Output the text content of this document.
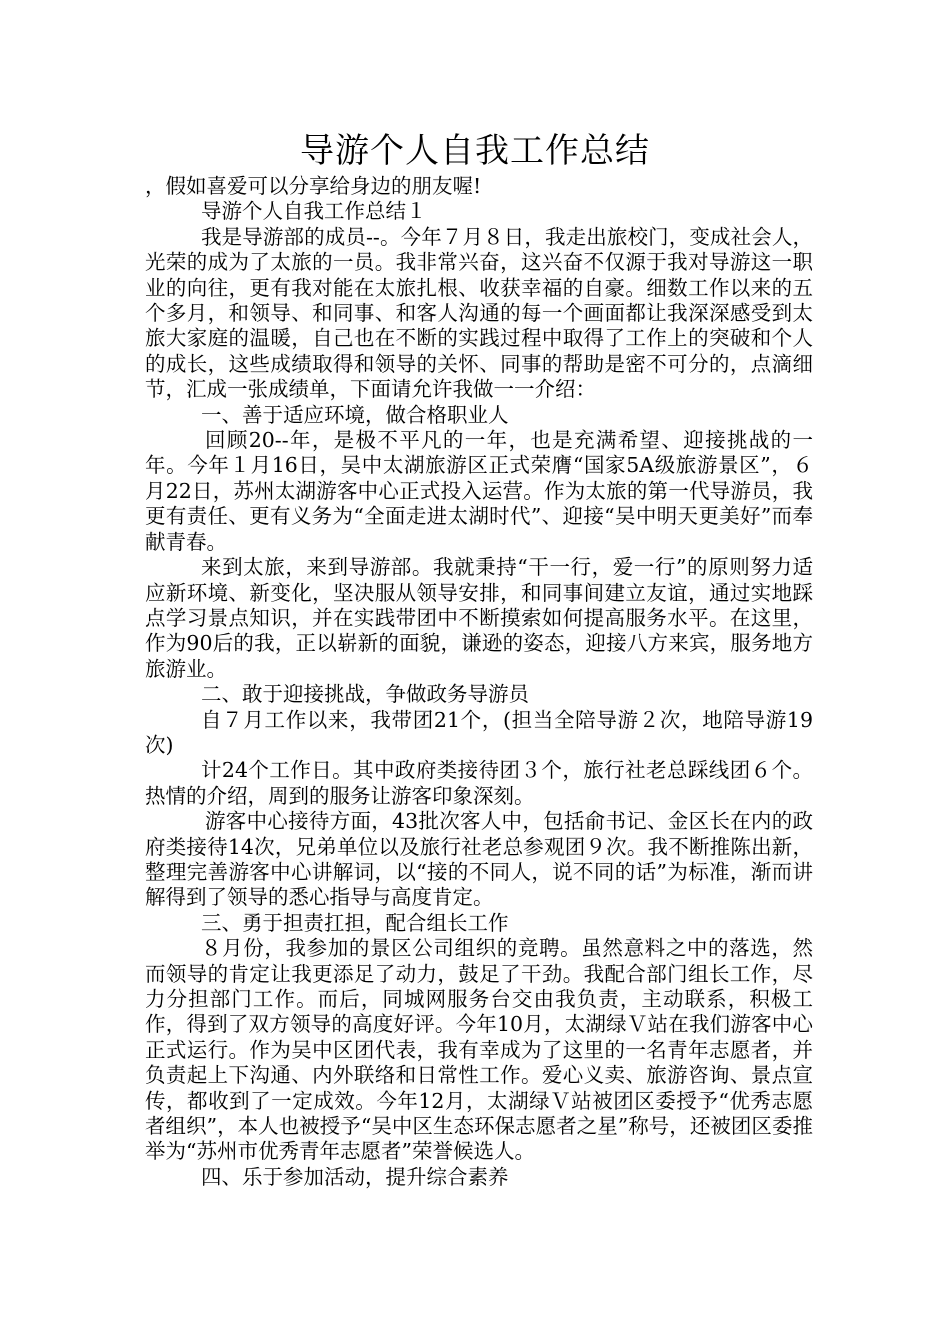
导游个人自我工作总结

，假如喜爱可以分享给身边的朋友喔!

导游个人自我工作总结１

我是导游部的成员--。今年７月８日，我走出旅校门，变成社会人，光荣的成为了太旅的一员。我非常兴奋，这兴奋不仅源于我对导游这一职业的向往，更有我对能在太旅扎根、收获幸福的自豪。细数工作以来的五个多月，和领导、和同事、和客人沟通的每一个画面都让我深深感受到太旅大家庭的温暖，自己也在不断的实践过程中取得了工作上的突破和个人的成长，这些成绩取得和领导的关怀、同事的帮助是密不可分的，点滴细节，汇成一张成绩单，下面请允许我做一一介绍：

一、善于适应环境，做合格职业人

回顾20--年，是极不平凡的一年，也是充满希望、迎接挑战的一年。今年１月16日，吴中太湖旅游区正式荣膺“国家5A级旅游景区”，６月22日，苏州太湖游客中心正式投入运营。作为太旅的第一代导游员，我更有责任、更有义务为“全面走进太湖时代”、迎接“吴中明天更美好”而奉献青春。

来到太旅，来到导游部。我就秉持“干一行，爱一行”的原则努力适应新环境、新变化，坚决服从领导安排，和同事间建立友谊，通过实地踩点学习景点知识，并在实践带团中不断摸索如何提高服务水平。在这里，作为90后的我，正以崭新的面貌，谦逊的姿态，迎接八方来宾，服务地方旅游业。

二、敢于迎接挑战，争做政务导游员

自７月工作以来，我带团21个，(担当全陪导游２次，地陪导游19次)

计24个工作日。其中政府类接待团３个，旅行社老总踩线团６个。热情的介绍，周到的服务让游客印象深刻。

游客中心接待方面，43批次客人中，包括俞书记、金区长在内的政府类接待14次，兄弟单位以及旅行社老总参观团９次。我不断推陈出新，整理完善游客中心讲解词，以“接的不同人，说不同的话”为标准，渐而讲解得到了领导的悉心指导与高度肯定。

三、勇于担责扛担，配合组长工作

８月份，我参加的景区公司组织的竞聘。虽然意料之中的落选，然而领导的肯定让我更添足了动力，鼓足了干劲。我配合部门组长工作，尽力分担部门工作。而后，同城网服务台交由我负责，主动联系，积极工作，得到了双方领导的高度好评。今年10月，太湖绿Ｖ站在我们游客中心正式运行。作为吴中区团代表，我有幸成为了这里的一名青年志愿者，并负责起上下沟通、内外联络和日常性工作。爱心义卖、旅游咨询、景点宣传，都收到了一定成效。今年12月，太湖绿Ｖ站被团区委授予“优秀志愿者组织”，本人也被授予“吴中区生态环保志愿者之星”称号，还被团区委推举为“苏州市优秀青年志愿者”荣誉候选人。

四、乐于参加活动，提升综合素养
